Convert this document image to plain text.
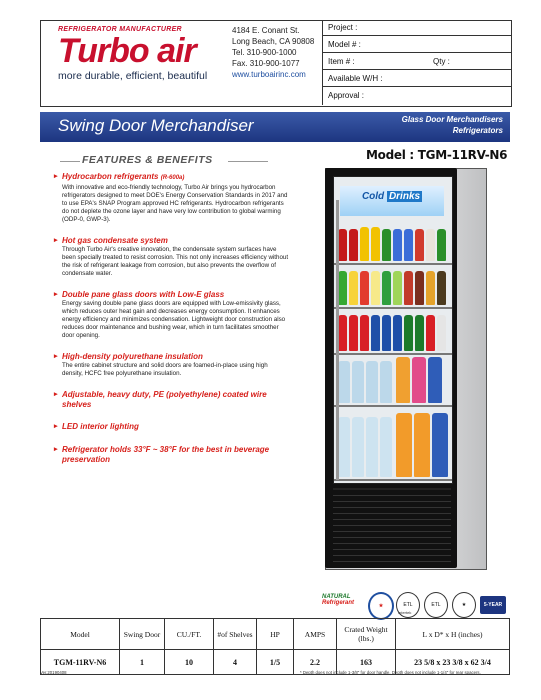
REFRIGERATOR MANUFACTURER
Turbo air
more durable, efficient, beautiful
4184 E. Conant St.
Long Beach, CA 90808
Tel. 310-900-1000
Fax. 310-900-1077
www.turboairinc.com
Project :
Model # :
Item # :	Qty :
Available W/H :
Approval :
Swing Door Merchandiser	Glass Door Merchandisers
Refrigerators
Model : TGM-11RV-N6
FEATURES & BENEFITS
▸ Hydrocarbon refrigerants (R-600a)
With innovative and eco-friendly technology, Turbo Air brings you hydrocarbon refrigerators designed to meet DOE's Energy Conservation Standards in 2017 and to use EPA's SNAP Program approved HC refrigerants. Hydrocarbon refrigerants do not deplete the ozone layer and have very low contribution to global warming (ODP-0, GWP-3).
▸ Hot gas condensate system
Through Turbo Air's creative innovation, the condensate system surfaces have been specially treated to resist corrosion. This not only increases efficiency without the risk of refrigerant leakage from corrosion, but also prevents the overflow of condensate water.
▸ Double pane glass doors with Low-E glass
Energy saving double pane glass doors are equipped with Low-emissivity glass, which reduces outer heat gain and decreases energy consumption. It enhances energy efficiency and minimizes condensation. Lightweight door construction also reduces door maintenance and bushing wear, which in turn facilitates smoother door opening.
▸ High-density polyurethane insulation
The entire cabinet structure and solid doors are foamed-in-place using high density, HCFC free polyurethane insulation.
▸ Adjustable, heavy duty, PE (polyethylene) coated wire shelves
▸ LED interior lighting
▸ Refrigerator holds 33°F ~ 38°F for the best in beverage preservation
Cold Drinks
NATURAL
Refrigerant	★	ETL	ETL
Intertek
★	5-YEAR
Model	Swing Door	CU./FT.	#of Shelves	HP	AMPS	Crated Weight (lbs.)	L x D* x H (inches)
TGM-11RV-N6	1	10	4	1/5	2.2	163	23 5/8 x 23 3/8 x 62 3/4
Ver.20190408	* Depth does not include 1-3/8" for door handle. Depth does not include 1-1/4" for rear spacers.
